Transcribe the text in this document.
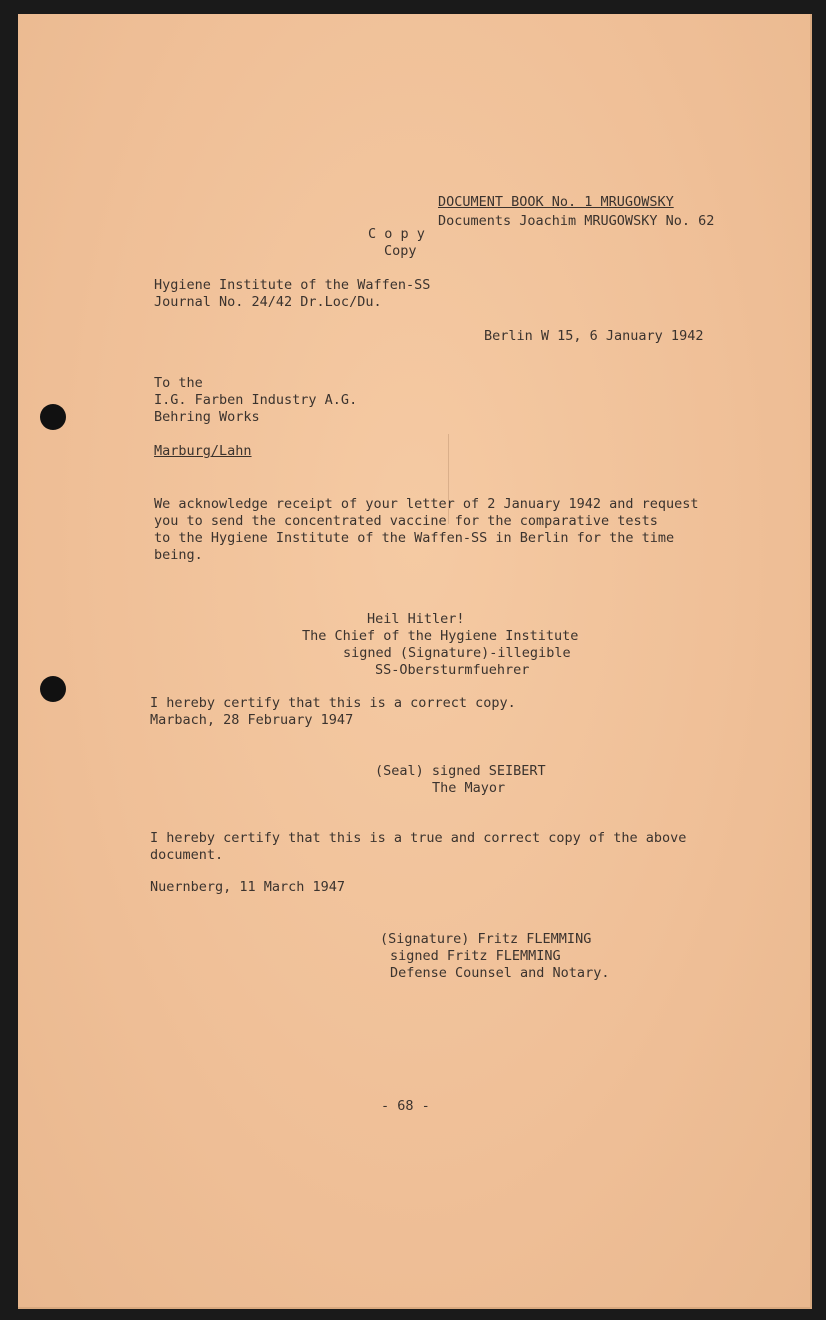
DOCUMENT BOOK No. 1 MRUGOWSKY

Documents Joachim MRUGOWSKY No. 62

C o p y

Copy

Hygiene Institute of the Waffen-SS

Journal No. 24/42 Dr.Loc/Du.

Berlin W 15, 6 January 1942

To the

I.G. Farben Industry A.G.

Behring Works

Marburg/Lahn

We acknowledge receipt of your letter of 2 January 1942 and request

you to send the concentrated vaccine for the comparative tests

to the Hygiene Institute of the Waffen-SS in Berlin for the time

being.

Heil Hitler!

The Chief of the Hygiene Institute

signed (Signature)-illegible

SS-Obersturmfuehrer

I hereby certify that this is a correct copy.

Marbach, 28 February 1947

(Seal) signed SEIBERT

The Mayor

I hereby certify that this is a true and correct copy of the above

document.

Nuernberg, 11 March 1947

(Signature) Fritz FLEMMING

signed Fritz FLEMMING

Defense Counsel and Notary.

- 68 -
